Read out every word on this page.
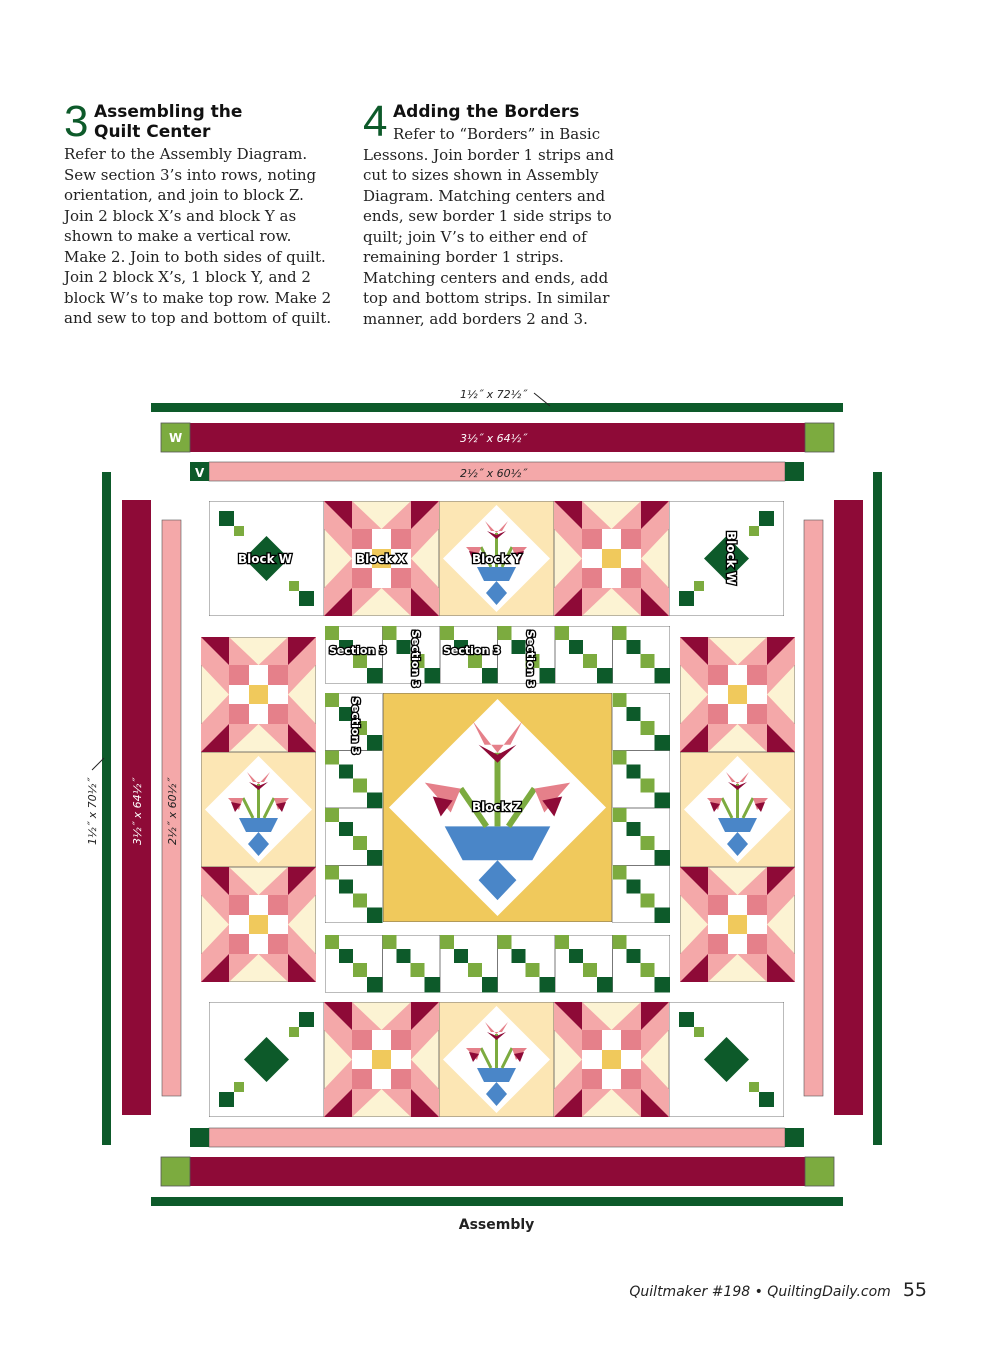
3 Assembling the Quilt Center
Refer to the Assembly Diagram. Sew section 3’s into rows, noting orientation, and join to block Z. Join 2 block X’s and block Y as shown to make a vertical row. Make 2. Join to both sides of quilt. Join 2 block X’s, 1 block Y, and 2 block W’s to make top row. Make 2 and sew to top and bottom of quilt.
4 Adding the Borders
Refer to “Borders” in Basic Lessons. Join border 1 strips and cut to sizes shown in Assembly Diagram. Matching centers and ends, sew border 1 side strips to quilt; join V’s to either end of remaining border 1 strips. Matching centers and ends, add top and bottom strips. In similar manner, add borders 2 and 3.
Block W	Block W
Block X	Block Y
Block Z
Section 3	Section 3
Section 3	Section 3
Section 3
W
V
1½˝ x 72½˝
3½˝ x 64½˝
2½˝ x 60½˝
1½˝ x 70½˝	3½˝ x 64½˝ 2½˝ x 60½˝
Assembly
Quiltmaker #198 • QuiltingDaily.com 55
